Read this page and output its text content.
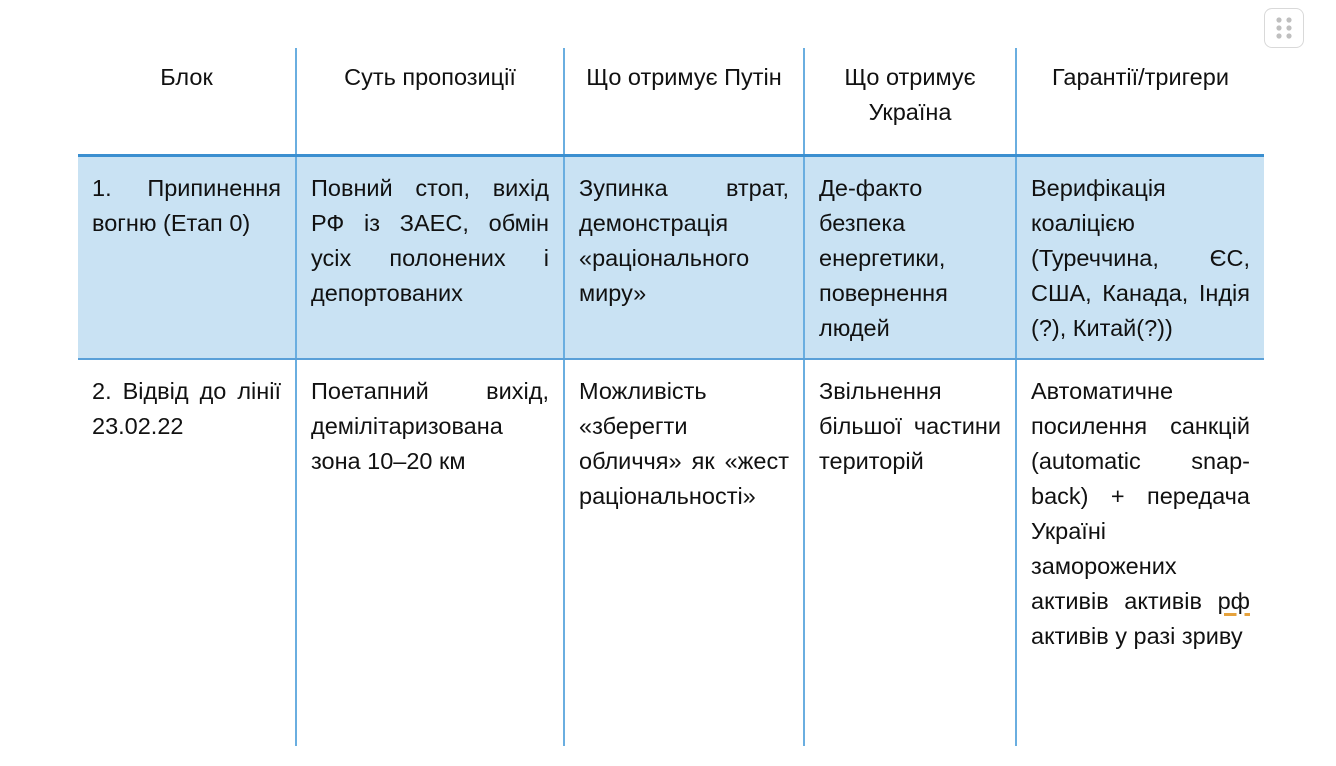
Блок	Суть пропозиції	Що отримує Путін	Що отримує Україна	Гарантії/тригери
1. Припинення вогню (Етап 0)	Повний стоп, вихід РФ із ЗАЕС, обмін усіх полонених і депортованих	Зупинка втрат, демонстрація «раціонального миру»	Де-факто безпека енергетики, повернення людей	Верифікація коаліцією (Туреччина, ЄС, США, Канада, Індія (?), Китай(?))
2. Відвід до лінії 23.02.22	Поетапний вихід, демілітаризована зона 10–20 км	Можливість «зберегти обличчя» як «жест раціональності»	Звільнення більшої частини територій	Автоматичне посилення санкцій (automatic snap-back) + передача Україні заморожених активів активів рф активів у разі зриву
